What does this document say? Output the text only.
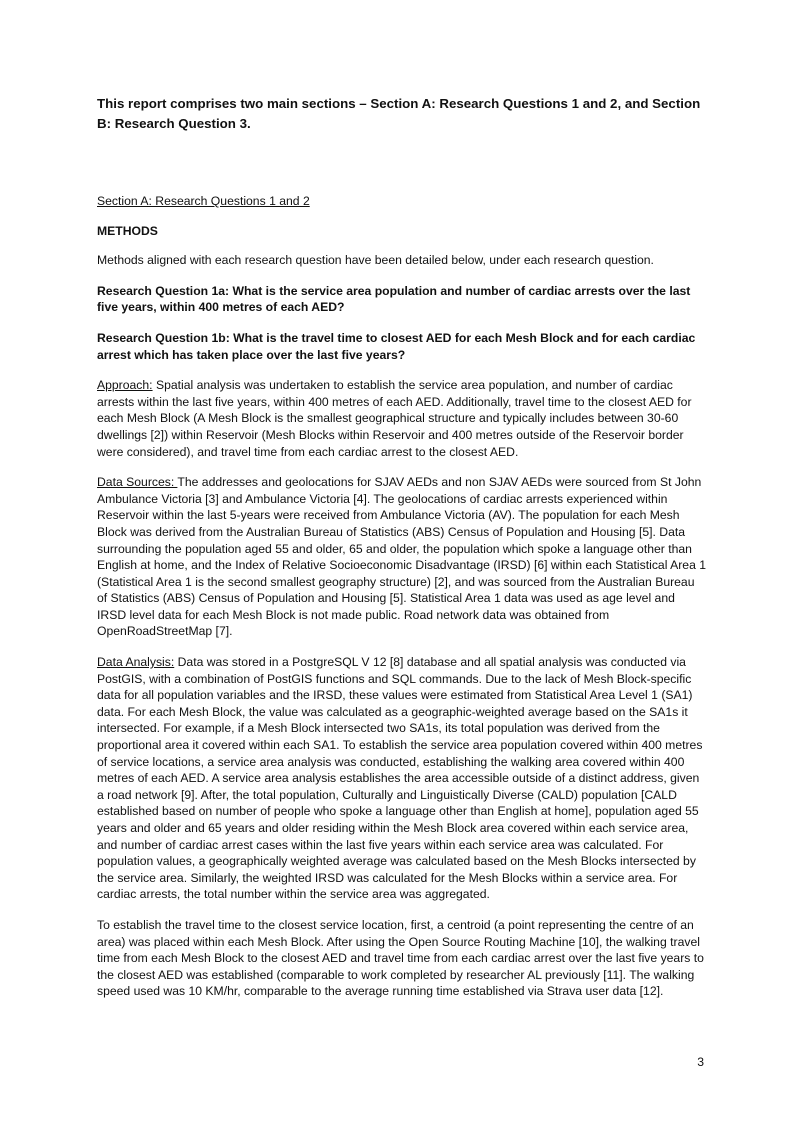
This report comprises two main sections – Section A: Research Questions 1 and 2, and Section B: Research Question 3.

Section A: Research Questions 1 and 2

METHODS

Methods aligned with each research question have been detailed below, under each research question.

Research Question 1a: What is the service area population and number of cardiac arrests over the last five years, within 400 metres of each AED?

Research Question 1b: What is the travel time to closest AED for each Mesh Block and for each cardiac arrest which has taken place over the last five years?

Approach: Spatial analysis was undertaken to establish the service area population, and number of cardiac arrests within the last five years, within 400 metres of each AED. Additionally, travel time to the closest AED for each Mesh Block (A Mesh Block is the smallest geographical structure and typically includes between 30-60 dwellings [2]) within Reservoir (Mesh Blocks within Reservoir and 400 metres outside of the Reservoir border were considered), and travel time from each cardiac arrest to the closest AED.

Data Sources: The addresses and geolocations for SJAV AEDs and non SJAV AEDs were sourced from St John Ambulance Victoria [3] and Ambulance Victoria [4]. The geolocations of cardiac arrests experienced within Reservoir within the last 5-years were received from Ambulance Victoria (AV). The population for each Mesh Block was derived from the Australian Bureau of Statistics (ABS) Census of Population and Housing [5]. Data surrounding the population aged 55 and older, 65 and older, the population which spoke a language other than English at home, and the Index of Relative Socioeconomic Disadvantage (IRSD) [6] within each Statistical Area 1 (Statistical Area 1 is the second smallest geography structure) [2], and was sourced from the Australian Bureau of Statistics (ABS) Census of Population and Housing [5]. Statistical Area 1 data was used as age level and IRSD level data for each Mesh Block is not made public. Road network data was obtained from OpenRoadStreetMap [7].

Data Analysis: Data was stored in a PostgreSQL V 12 [8] database and all spatial analysis was conducted via PostGIS, with a combination of PostGIS functions and SQL commands. Due to the lack of Mesh Block-specific data for all population variables and the IRSD, these values were estimated from Statistical Area Level 1 (SA1) data. For each Mesh Block, the value was calculated as a geographic-weighted average based on the SA1s it intersected. For example, if a Mesh Block intersected two SA1s, its total population was derived from the proportional area it covered within each SA1. To establish the service area population covered within 400 metres of service locations, a service area analysis was conducted, establishing the walking area covered within 400 metres of each AED. A service area analysis establishes the area accessible outside of a distinct address, given a road network [9]. After, the total population, Culturally and Linguistically Diverse (CALD) population [CALD established based on number of people who spoke a language other than English at home], population aged 55 years and older and 65 years and older residing within the Mesh Block area covered within each service area, and number of cardiac arrest cases within the last five years within each service area was calculated. For population values, a geographically weighted average was calculated based on the Mesh Blocks intersected by the service area. Similarly, the weighted IRSD was calculated for the Mesh Blocks within a service area. For cardiac arrests, the total number within the service area was aggregated.

To establish the travel time to the closest service location, first, a centroid (a point representing the centre of an area) was placed within each Mesh Block. After using the Open Source Routing Machine [10], the walking travel time from each Mesh Block to the closest AED and travel time from each cardiac arrest over the last five years to the closest AED was established (comparable to work completed by researcher AL previously [11]. The walking speed used was 10 KM/hr, comparable to the average running time established via Strava user data [12].

3
